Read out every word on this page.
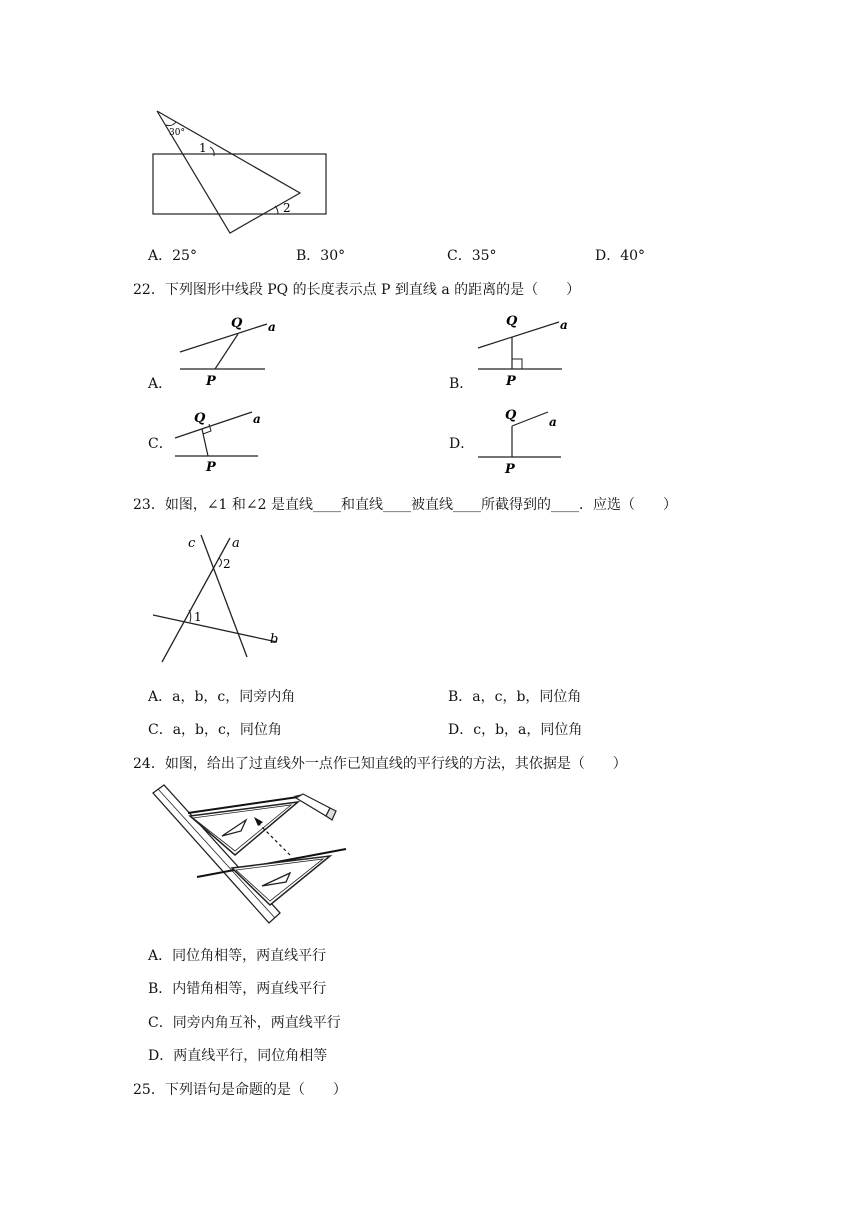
30°
1
2
A．25°	B．30°	C．35°	D．40°
22．下列图形中线段 PQ 的长度表示点 P 到直线 a 的距离的是（　　）
A．
Q
P
a
B．
Q
P
a
C．
Q
P
a
D．
Q
P
a
23．如图，∠1 和∠2 是直线____和直线____被直线____所截得到的____．应选（　　）
c	a
b
2
1
A．a，b，c，同旁内角	B．a，c，b，同位角
C．a，b，c，同位角	D．c，b，a，同位角
24．如图，给出了过直线外一点作已知直线的平行线的方法，其依据是（　　）
A．同位角相等，两直线平行
B．内错角相等，两直线平行
C．同旁内角互补，两直线平行
D．两直线平行，同位角相等
25．下列语句是命题的是（　　）
